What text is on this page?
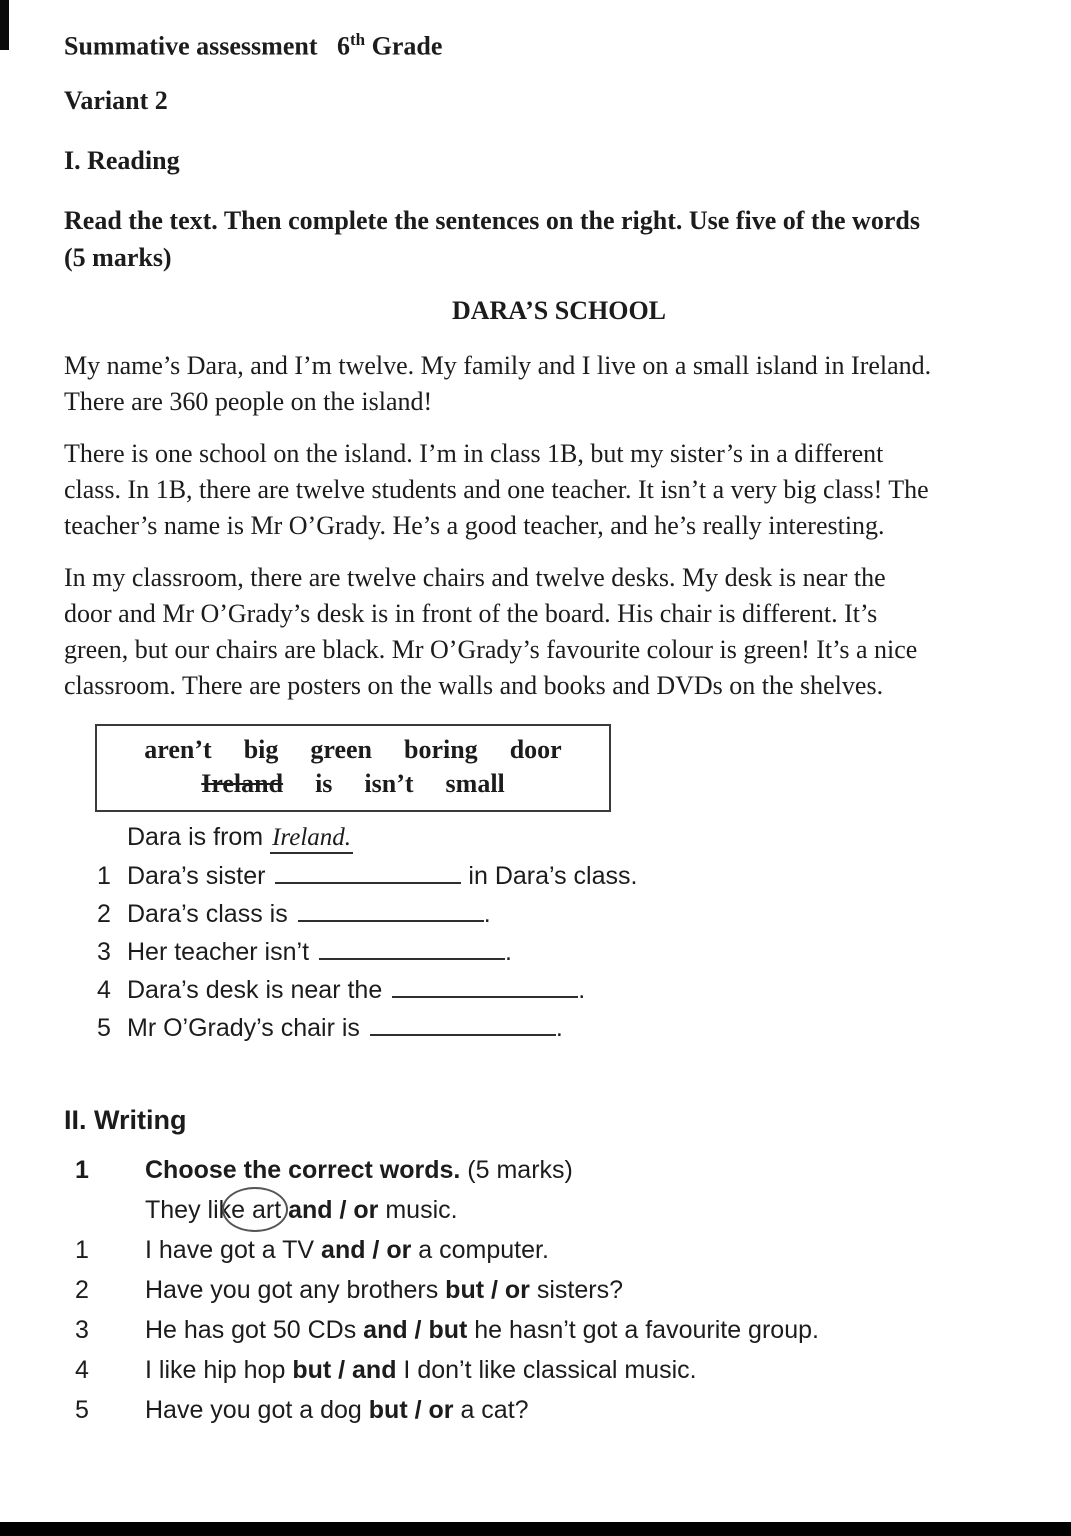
Summative assessment   6th Grade
Variant 2
I. Reading
Read the text. Then complete the sentences on the right. Use five of the words
(5 marks)
DARA’S SCHOOL
My name’s Dara, and I’m twelve. My family and I live on a small island in Ireland.
There are 360 people on the island!
There is one school on the island. I’m in class 1B, but my sister’s in a different
class. In 1B, there are twelve students and one teacher. It isn’t a very big class! The
teacher’s name is Mr O’Grady. He’s a good teacher, and he’s really interesting.
In my classroom, there are twelve chairs and twelve desks. My desk is near the
door and Mr O’Grady’s desk is in front of the board. His chair is different. It’s
green, but our chairs are black. Mr O’Grady’s favourite colour is green! It’s a nice
classroom. There are posters on the walls and books and DVDs on the shelves.
aren’t big green boring door
Ireland is isn’t small
Dara is from Ireland.
1 Dara’s sister	in Dara’s class.
2 Dara’s class is	.
3 Her teacher isn’t	.
4 Dara’s desk is near the	.
5 Mr O’Grady’s chair is	.
II. Writing
1	Choose the correct words. (5 marks)
They like art and / or music.
1	I have got a TV and / or a computer.
2	Have you got any brothers but / or sisters?
3	He has got 50 CDs and / but he hasn’t got a favourite group.
4	I like hip hop but / and I don’t like classical music.
5	Have you got a dog but / or a cat?
